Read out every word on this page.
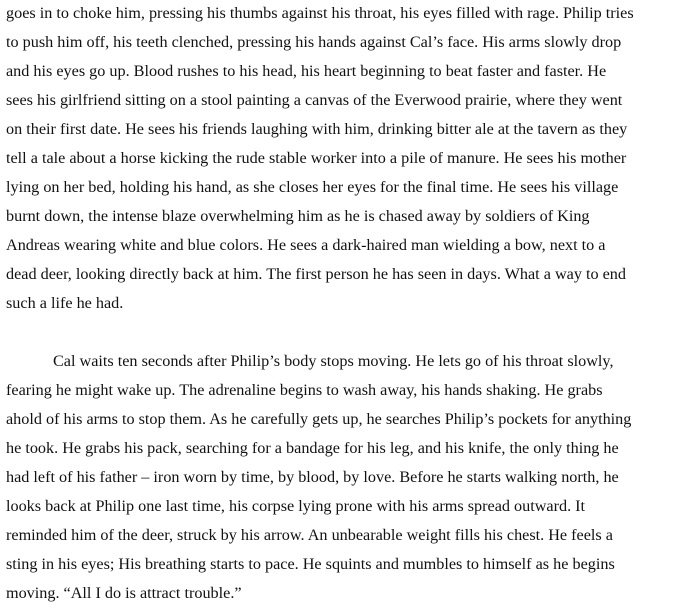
goes in to choke him, pressing his thumbs against his throat, his eyes filled with rage. Philip tries
to push him off, his teeth clenched, pressing his hands against Cal’s face. His arms slowly drop
and his eyes go up. Blood rushes to his head, his heart beginning to beat faster and faster. He
sees his girlfriend sitting on a stool painting a canvas of the Everwood prairie, where they went
on their first date. He sees his friends laughing with him, drinking bitter ale at the tavern as they
tell a tale about a horse kicking the rude stable worker into a pile of manure. He sees his mother
lying on her bed, holding his hand, as she closes her eyes for the final time. He sees his village
burnt down, the intense blaze overwhelming him as he is chased away by soldiers of King
Andreas wearing white and blue colors. He sees a dark-haired man wielding a bow, next to a
dead deer, looking directly back at him. The first person he has seen in days. What a way to end
such a life he had.
Cal waits ten seconds after Philip’s body stops moving. He lets go of his throat slowly,
fearing he might wake up. The adrenaline begins to wash away, his hands shaking. He grabs
ahold of his arms to stop them. As he carefully gets up, he searches Philip’s pockets for anything
he took. He grabs his pack, searching for a bandage for his leg, and his knife, the only thing he
had left of his father – iron worn by time, by blood, by love. Before he starts walking north, he
looks back at Philip one last time, his corpse lying prone with his arms spread outward. It
reminded him of the deer, struck by his arrow. An unbearable weight fills his chest. He feels a
sting in his eyes; His breathing starts to pace. He squints and mumbles to himself as he begins
moving. “All I do is attract trouble.”
